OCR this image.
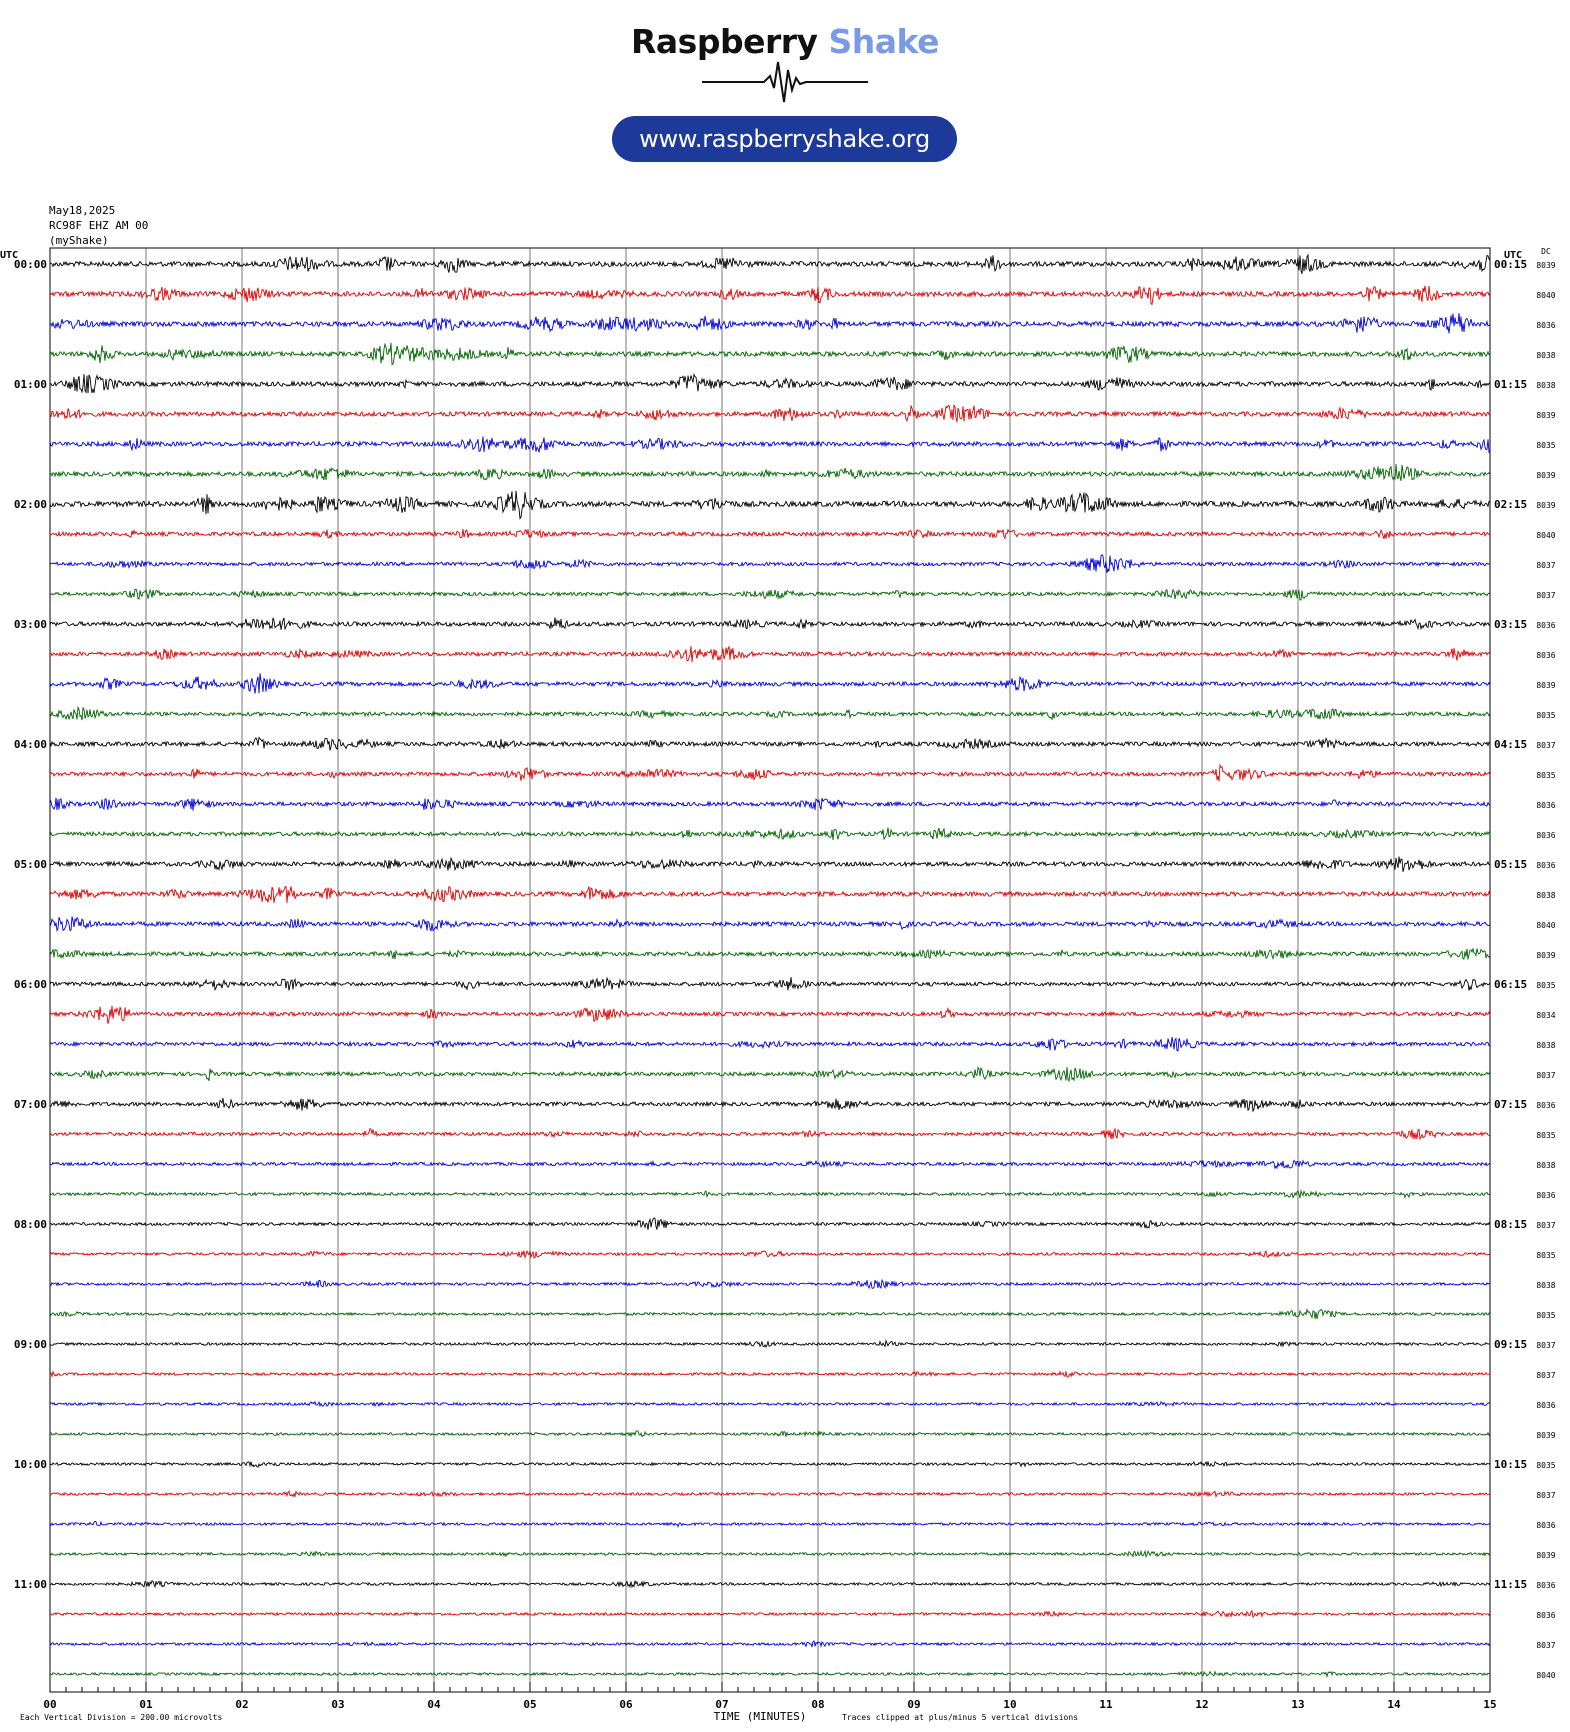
Raspberry Shake
www.raspberryshake.org
May18,2025
RC98F EHZ AM 00
(myShake)
8039
8040
8036
8038
8038
8039
8035
8039
8039
8040
8037
8037
8036
8036
8039
8035
8037
8035
8036
8036
8036
8038
8040
8039
8035
8034
8038
8037
8036
8035
8038
8036
8037
8035
8038
8035
8037
8037
8036
8039
8035
8037
8036
8039
8036
8036
8037
8040
00:00
01:00
02:00
03:00
04:00
05:00
06:00
07:00
08:00
09:00
10:00
11:00
00:15
01:15
02:15
03:15
04:15
05:15
06:15
07:15
08:15
09:15
10:15
11:15
UTC	UTC DC
00	01	02	03	04	05	06	07	08	09	10	11	12	13	14	15
TIME (MINUTES)
Each Vertical Division = 200.00 microvolts	Traces clipped at plus/minus 5 vertical divisions
